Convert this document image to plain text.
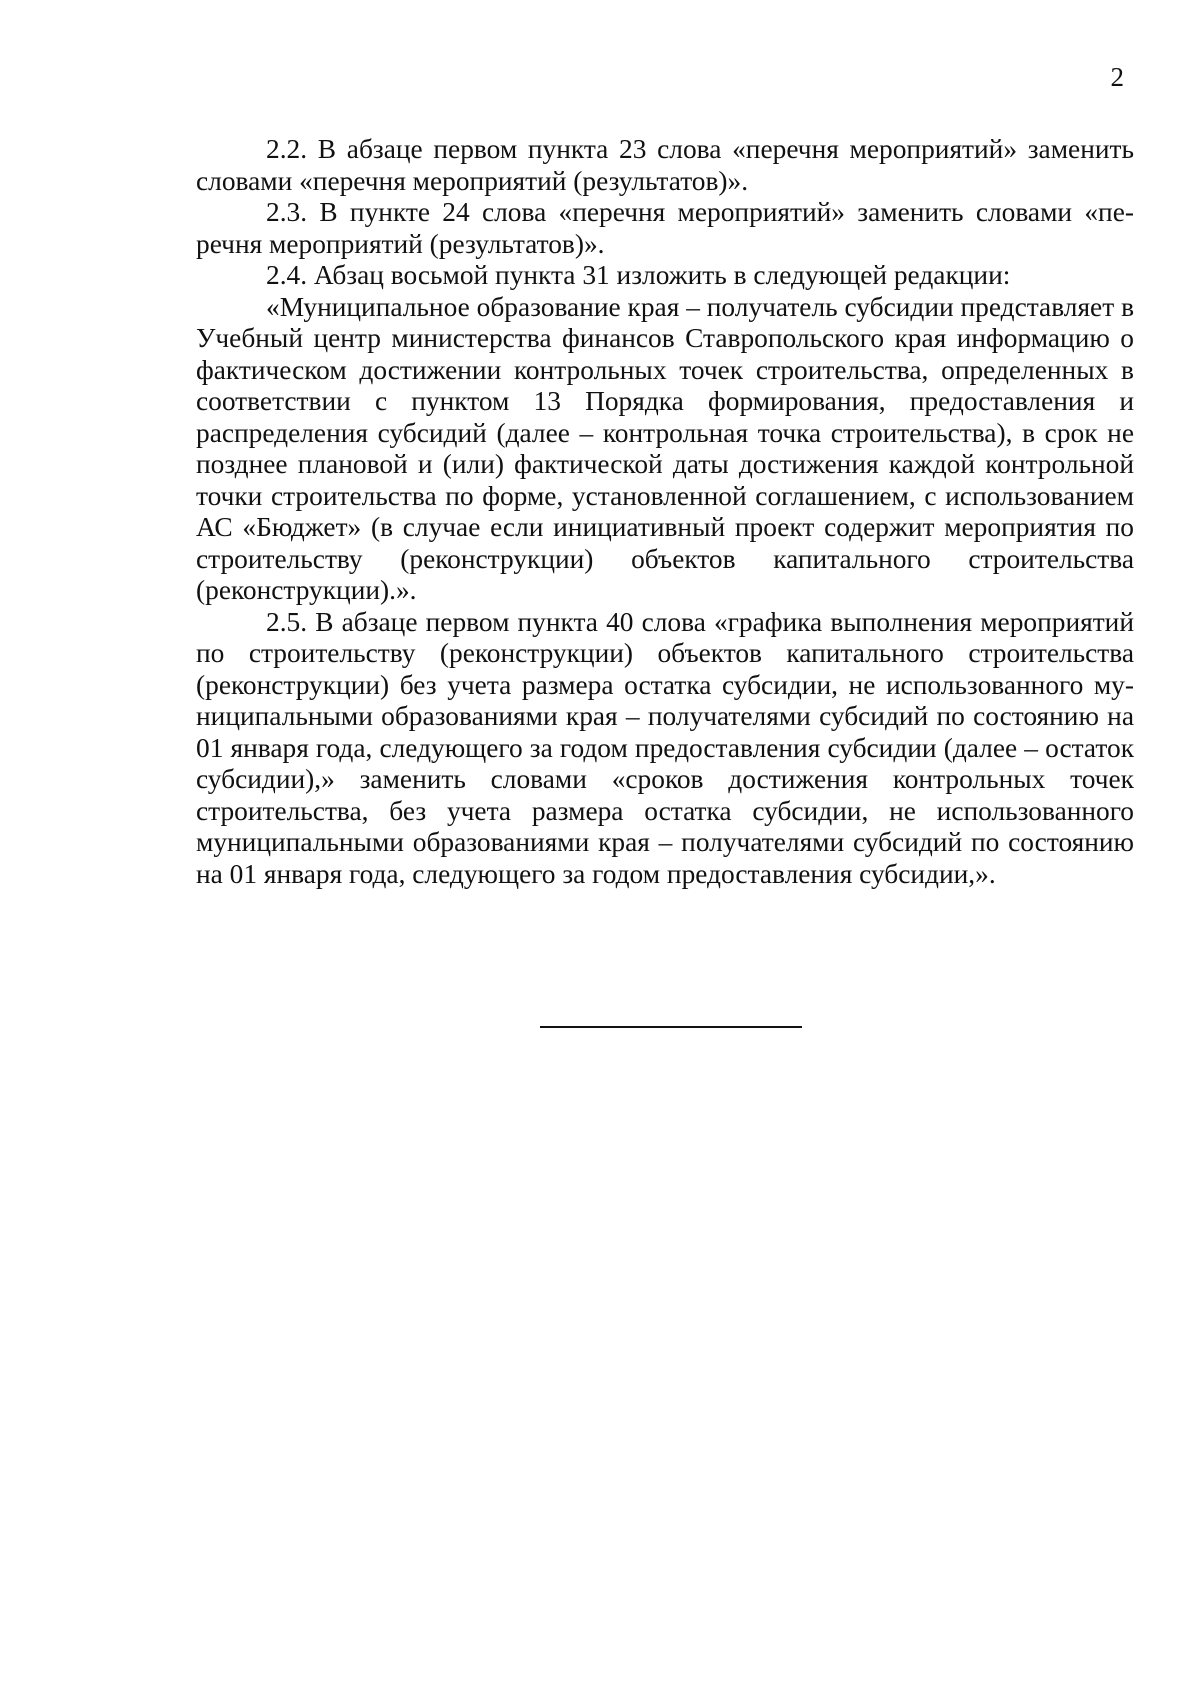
2

2.2. В абзаце первом пункта 23 слова «перечня мероприятий» заменить словами «перечня мероприятий (результатов)».

2.3. В пункте 24 слова «перечня мероприятий» заменить словами «перечня мероприятий (результатов)».

2.4. Абзац восьмой пункта 31 изложить в следующей редакции:

«Муниципальное образование края – получатель субсидии представляет в Учебный центр министерства финансов Ставропольского края информацию о фактическом достижении контрольных точек строительства, определенных в соответствии с пунктом 13 Порядка формирования, предоставления и распределения субсидий (далее – контрольная точка строительства), в срок не позднее плановой и (или) фактической даты достижения каждой контрольной точки строительства по форме, установленной соглашением, с использованием АС «Бюджет» (в случае если инициативный проект содержит мероприятия по строительству (реконструкции) объектов капитального строительства (реконструкции).».

2.5. В абзаце первом пункта 40 слова «графика выполнения мероприятий по строительству (реконструкции) объектов капитального строительства (реконструкции) без учета размера остатка субсидии, не использованного муниципальными образованиями края – получателями субсидий по состоянию на 01 января года, следующего за годом предоставления субсидии (далее – остаток субсидии),» заменить словами «сроков достижения контрольных точек строительства, без учета размера остатка субсидии, не использованного муниципальными образованиями края – получателями субсидий по состоянию на 01 января года, следующего за годом предоставления субсидии,».
